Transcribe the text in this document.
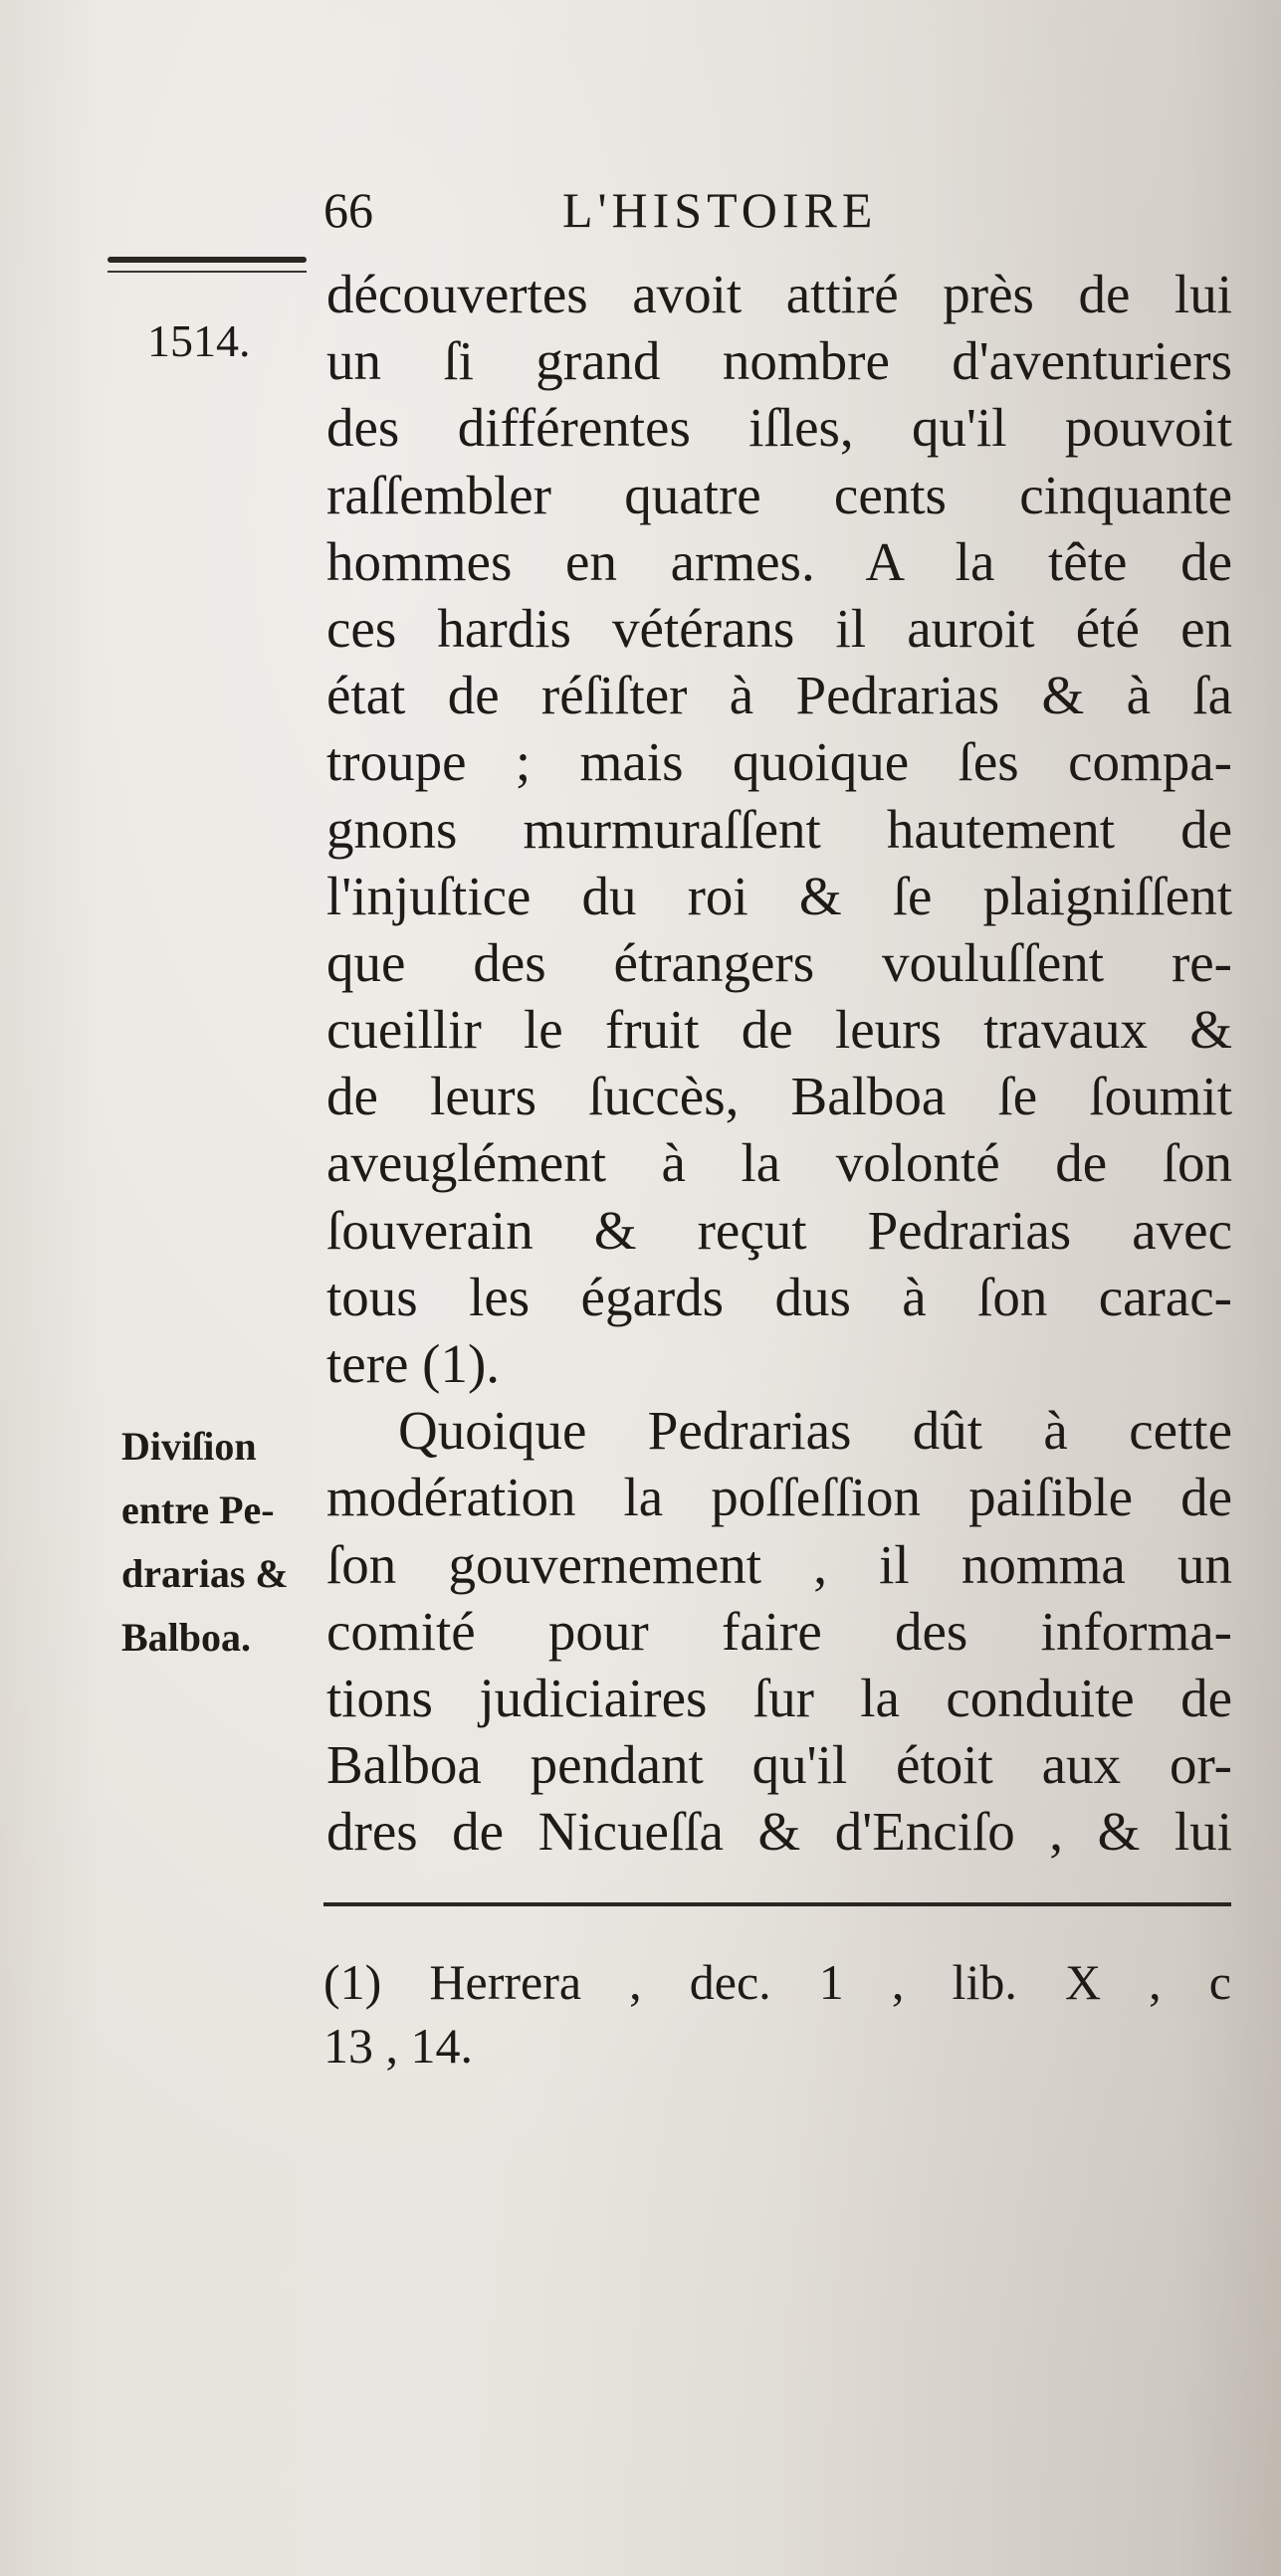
66	L'HISTOIRE
1514.
découvertes avoit attiré près de lui
un ſi grand nombre d'aventuriers
des différentes iſles, qu'il pouvoit
raſſembler quatre cents cinquante
hommes en armes. A la tête de
ces hardis vétérans il auroit été en
état de réſiſter à Pedrarias & à ſa
troupe ; mais quoique ſes compa-
gnons murmuraſſent hautement de
l'injuſtice du roi & ſe plaigniſſent
que des étrangers vouluſſent re-
cueillir le fruit de leurs travaux &
de leurs ſuccès, Balboa ſe ſoumit
aveuglément à la volonté de ſon
ſouverain & reçut Pedrarias avec
tous les égards dus à ſon carac-
tere (1).
Quoique Pedrarias dût à cette
modération la poſſeſſion paiſible de
ſon gouvernement , il nomma un
comité pour faire des informa-
tions judiciaires ſur la conduite de
Balboa pendant qu'il étoit aux or-
dres de Nicueſſa & d'Enciſo , & lui
Diviſion
entre Pe-
drarias &
Balboa.
(1) Herrera , dec. 1 , lib. X , c
13 , 14.
